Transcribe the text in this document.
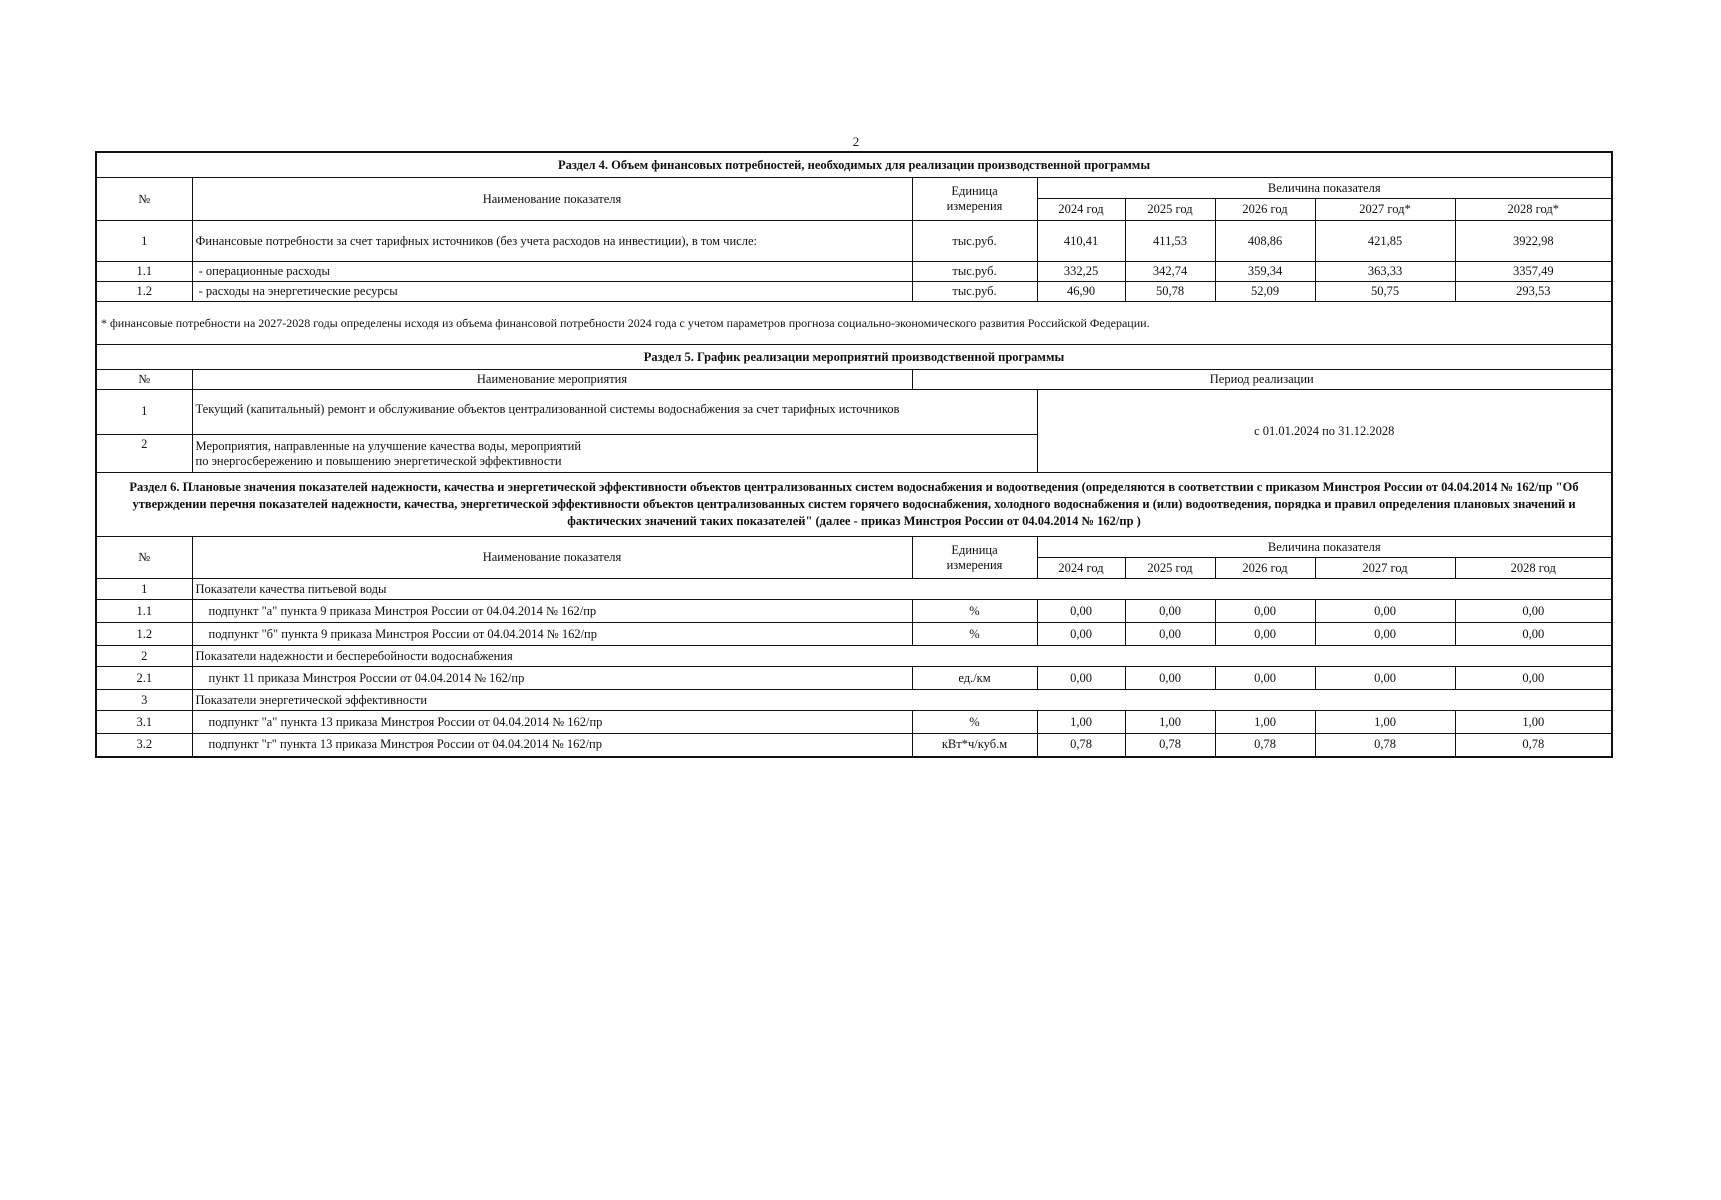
2
Раздел 4. Объем финансовых потребностей, необходимых для реализации производственной программы							
№	Наименование показателя	Единица
измерения	Величина показателя				
			2024 год	2025 год	2026 год	2027 год*	2028 год*
1	Финансовые потребности за счет тарифных источников (без учета расходов на инвестиции), в том числе:	тыс.руб.	410,41	411,53	408,86	421,85	3922,98
1.1	- операционные расходы	тыс.руб.	332,25	342,74	359,34	363,33	3357,49
1.2	- расходы на энергетические ресурсы	тыс.руб.	46,90	50,78	52,09	50,75	293,53
* финансовые потребности на 2027-2028 годы определены исходя из объема финансовой потребности 2024 года с учетом параметров прогноза социально-экономического развития Российской Федерации.							
Раздел 5. График реализации мероприятий производственной программы							
№	Наименование мероприятия	Период реализации					
1	Текущий (капитальный) ремонт и обслуживание объектов централизованной системы водоснабжения за счет тарифных источников		с 01.01.2024 по 31.12.2028				
2	Мероприятия, направленные на улучшение качества воды, мероприятий
по энергосбережению и повышению энергетической эффективности						
Раздел 6. Плановые значения показателей надежности, качества и энергетической эффективности объектов централизованных систем водоснабжения и водоотведения (определяются в соответствии с приказом Минстроя России от 04.04.2014 № 162/пр "Об утверждении перечня показателей надежности, качества, энергетической эффективности объектов централизованных систем горячего водоснабжения, холодного водоснабжения и (или) водоотведения, порядка и правил определения плановых значений и фактических значений таких показателей" (далее - приказ Минстроя России от 04.04.2014 № 162/пр )							
№	Наименование показателя	Единица
измерения	Величина показателя				
			2024 год	2025 год	2026 год	2027 год	2028 год
1	Показатели качества питьевой воды						
1.1	подпункт "а" пункта 9 приказа Минстроя России от 04.04.2014 № 162/пр	%	0,00	0,00	0,00	0,00	0,00
1.2	подпункт "б" пункта 9 приказа Минстроя России от 04.04.2014 № 162/пр	%	0,00	0,00	0,00	0,00	0,00
2	Показатели надежности и бесперебойности водоснабжения						
2.1	пункт 11 приказа Минстроя России от 04.04.2014 № 162/пр	ед./км	0,00	0,00	0,00	0,00	0,00
3	Показатели энергетической эффективности						
3.1	подпункт "а" пункта 13 приказа Минстроя России от 04.04.2014 № 162/пр	%	1,00	1,00	1,00	1,00	1,00
3.2	подпункт "г" пункта 13 приказа Минстроя России от 04.04.2014 № 162/пр	кВт*ч/куб.м	0,78	0,78	0,78	0,78	0,78
